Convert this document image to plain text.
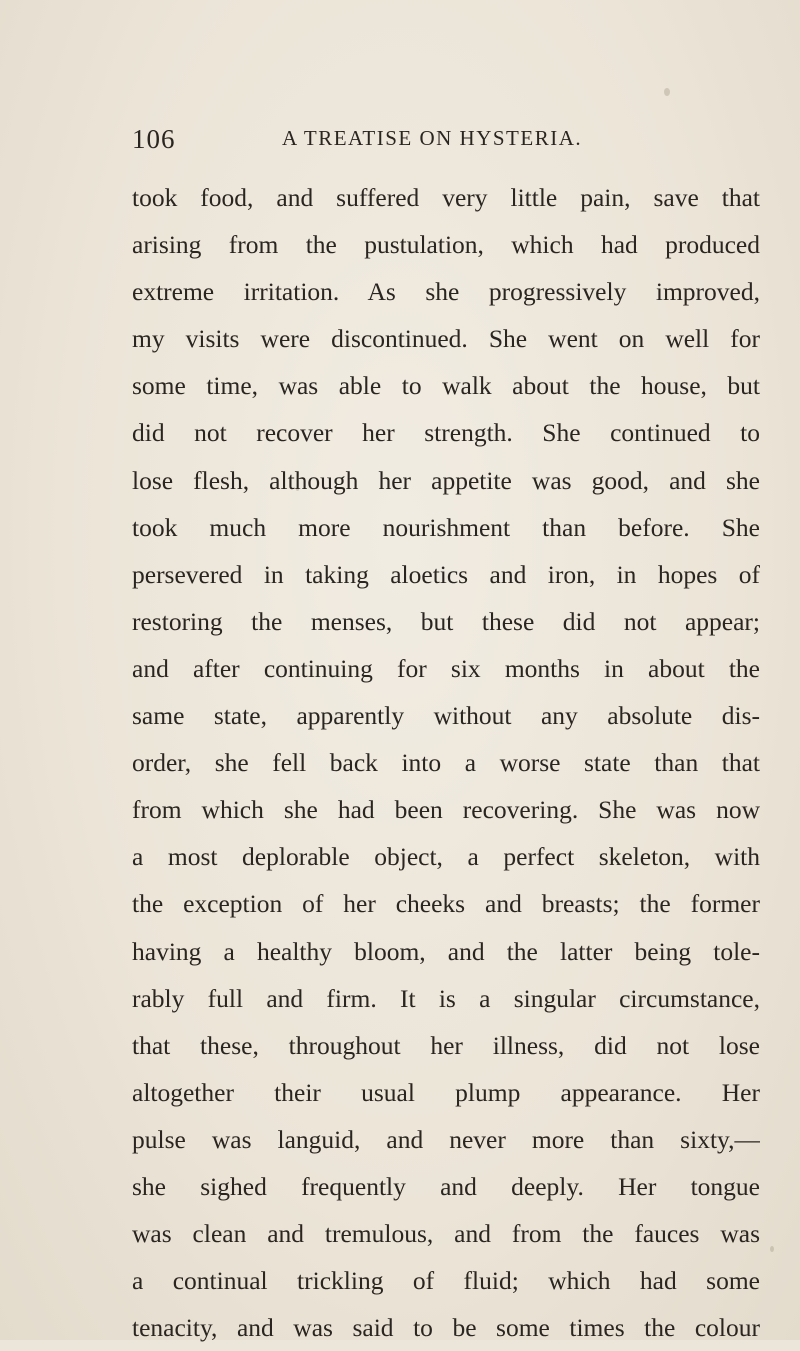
106	A TREATISE ON HYSTERIA.
took food, and suffered very little pain, save that
arising from the pustulation, which had produced
extreme irritation. As she progressively improved,
my visits were discontinued. She went on well for
some time, was able to walk about the house, but
did not recover her strength. She continued to
lose flesh, although her appetite was good, and she
took much more nourishment than before. She
persevered in taking aloetics and iron, in hopes of
restoring the menses, but these did not appear;
and after continuing for six months in about the
same state, apparently without any absolute dis-
order, she fell back into a worse state than that
from which she had been recovering. She was now
a most deplorable object, a perfect skeleton, with
the exception of her cheeks and breasts; the former
having a healthy bloom, and the latter being tole-
rably full and firm. It is a singular circumstance,
that these, throughout her illness, did not lose
altogether their usual plump appearance. Her
pulse was languid, and never more than sixty,—
she sighed frequently and deeply. Her tongue
was clean and tremulous, and from the fauces was
a continual trickling of fluid; which had some
tenacity, and was said to be some times the colour
